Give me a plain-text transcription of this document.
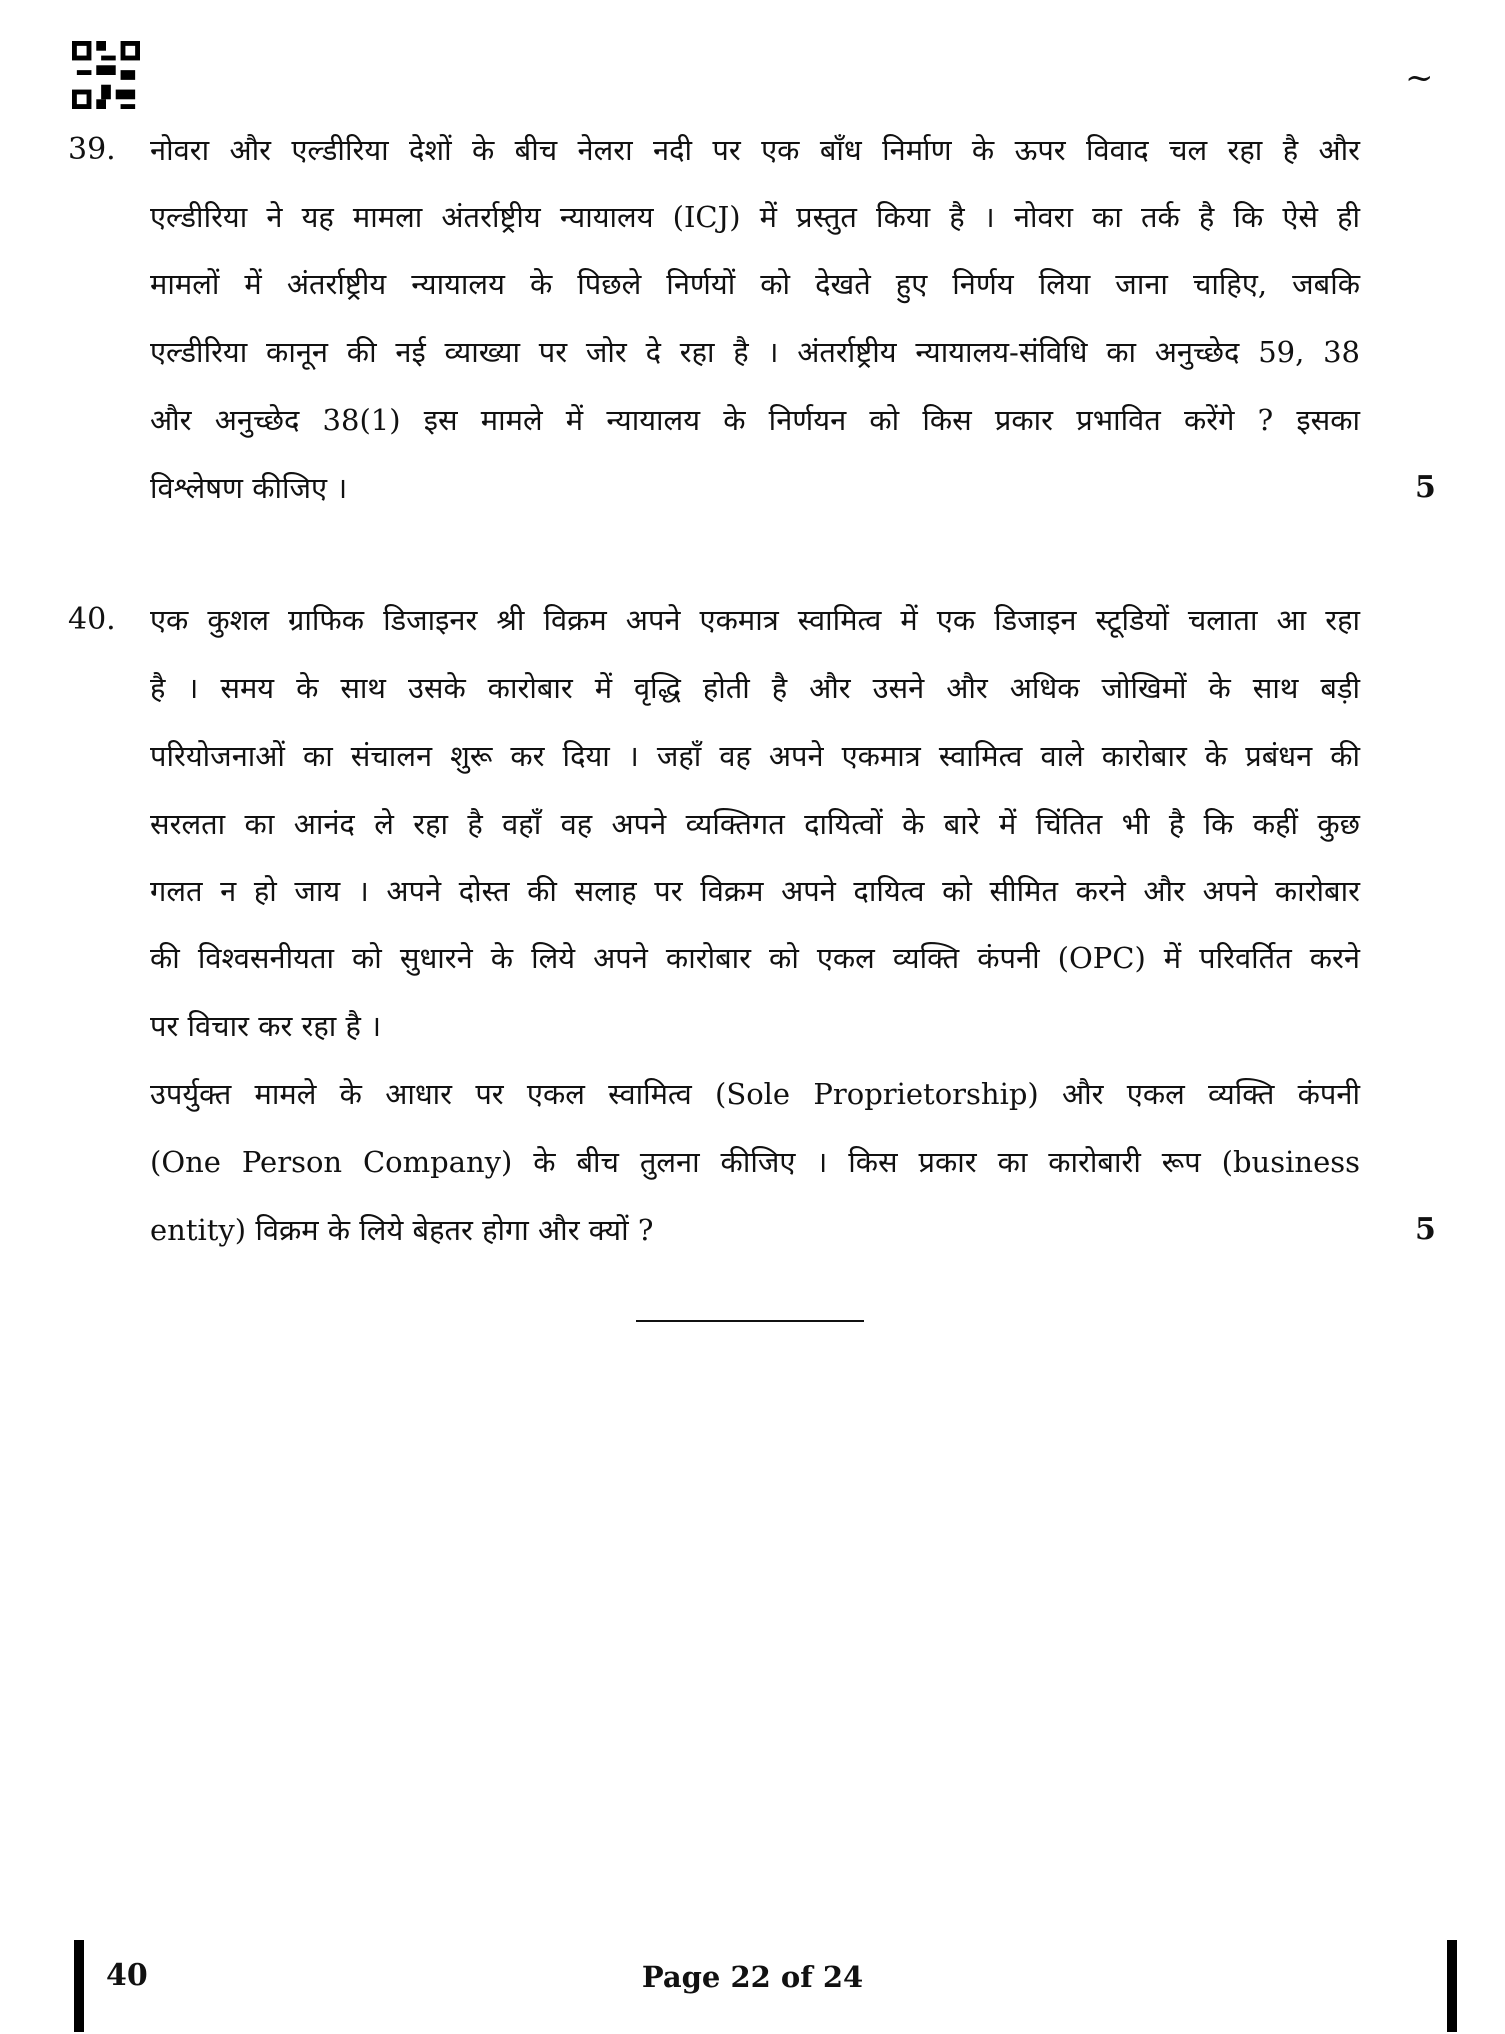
~
39. नोवरा और एल्डीरिया देशों के बीच नेलरा नदी पर एक बाँध निर्माण के ऊपर विवाद चल रहा है और
एल्डीरिया ने यह मामला अंतर्राष्ट्रीय न्यायालय (ICJ) में प्रस्तुत किया है । नोवरा का तर्क है कि ऐसे ही
मामलों में अंतर्राष्ट्रीय न्यायालय के पिछले निर्णयों को देखते हुए निर्णय लिया जाना चाहिए, जबकि
एल्डीरिया कानून की नई व्याख्या पर जोर दे रहा है । अंतर्राष्ट्रीय न्यायालय-संविधि का अनुच्छेद 59, 38
और अनुच्छेद 38(1) इस मामले में न्यायालय के निर्णयन को किस प्रकार प्रभावित करेंगे ? इसका
विश्लेषण कीजिए ।	5
40. एक कुशल ग्राफिक डिजाइनर श्री विक्रम अपने एकमात्र स्वामित्व में एक डिजाइन स्टूडियों चलाता आ रहा
है । समय के साथ उसके कारोबार में वृद्धि होती है और उसने और अधिक जोखिमों के साथ बड़ी
परियोजनाओं का संचालन शुरू कर दिया । जहाँ वह अपने एकमात्र स्वामित्व वाले कारोबार के प्रबंधन की
सरलता का आनंद ले रहा है वहाँ वह अपने व्यक्तिगत दायित्वों के बारे में चिंतित भी है कि कहीं कुछ
गलत न हो जाय । अपने दोस्त की सलाह पर विक्रम अपने दायित्व को सीमित करने और अपने कारोबार
की विश्वसनीयता को सुधारने के लिये अपने कारोबार को एकल व्यक्ति कंपनी (OPC) में परिवर्तित करने
पर विचार कर रहा है ।
उपर्युक्त मामले के आधार पर एकल स्वामित्व (Sole Proprietorship) और एकल व्यक्ति कंपनी
(One Person Company) के बीच तुलना कीजिए । किस प्रकार का कारोबारी रूप (business
entity) विक्रम के लिये बेहतर होगा और क्यों ?	5
40	Page 22 of 24
